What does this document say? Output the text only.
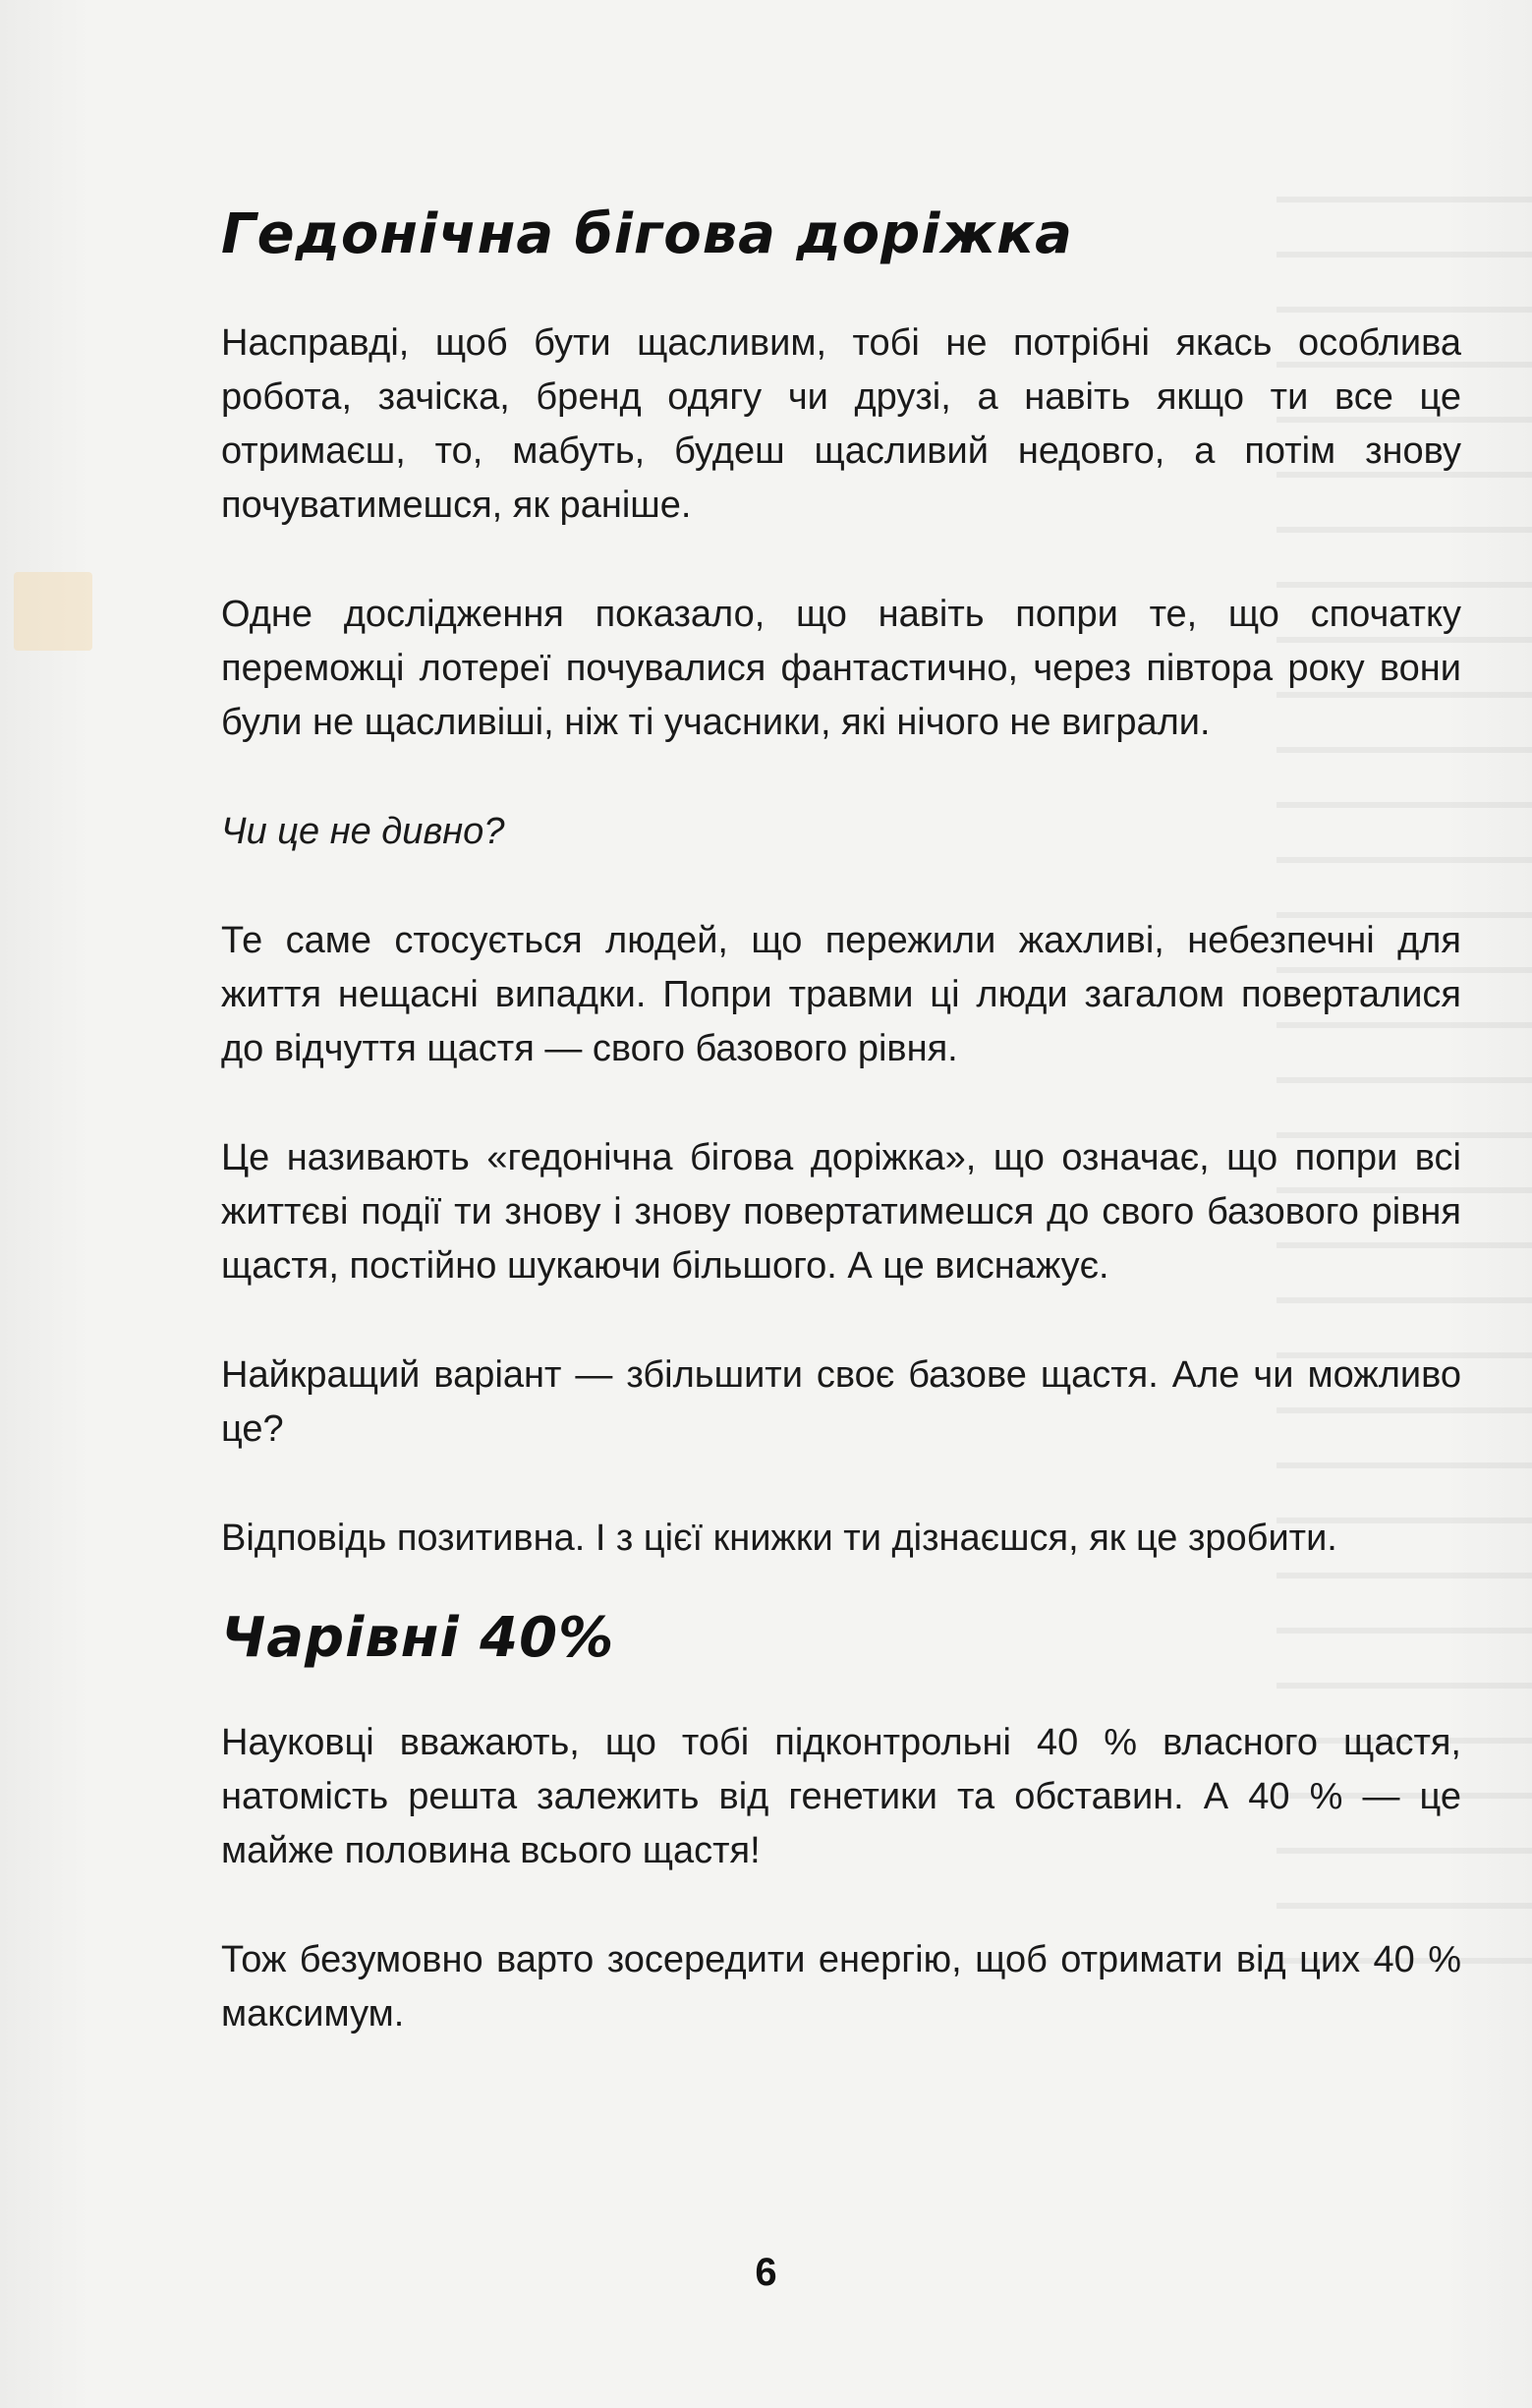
Гедонічна бігова доріжка

Насправді, щоб бути щасливим, тобі не потрібні якась особлива робота, зачіска, бренд одягу чи друзі, а навіть якщо ти все це отримаєш, то, мабуть, будеш щасливий недовго, а потім знову почуватимешся, як раніше.

Одне дослідження показало, що навіть попри те, що спочатку переможці лотереї почувалися фантастично, через півтора року вони були не щасливіші, ніж ті учасники, які нічого не виграли.

Чи це не дивно?

Те саме стосується людей, що пережили жахливі, небезпечні для життя нещасні випадки. Попри травми ці люди загалом поверталися до відчуття щастя — свого базового рівня.

Це називають «гедонічна бігова доріжка», що означає, що попри всі життєві події ти знову і знову повертатимешся до свого базового рівня щастя, постійно шукаючи більшого. А це виснажує.

Найкращий варіант — збільшити своє базове щастя. Але чи можливо це?

Відповідь позитивна. І з цієї книжки ти дізнаєшся, як це зробити.

Чарівні 40%

Науковці вважають, що тобі підконтрольні 40 % власного щастя, натомість решта залежить від генетики та обставин. А 40 % — це майже половина всього щастя!

Тож безумовно варто зосередити енергію, щоб отримати від цих 40 % максимум.

6
